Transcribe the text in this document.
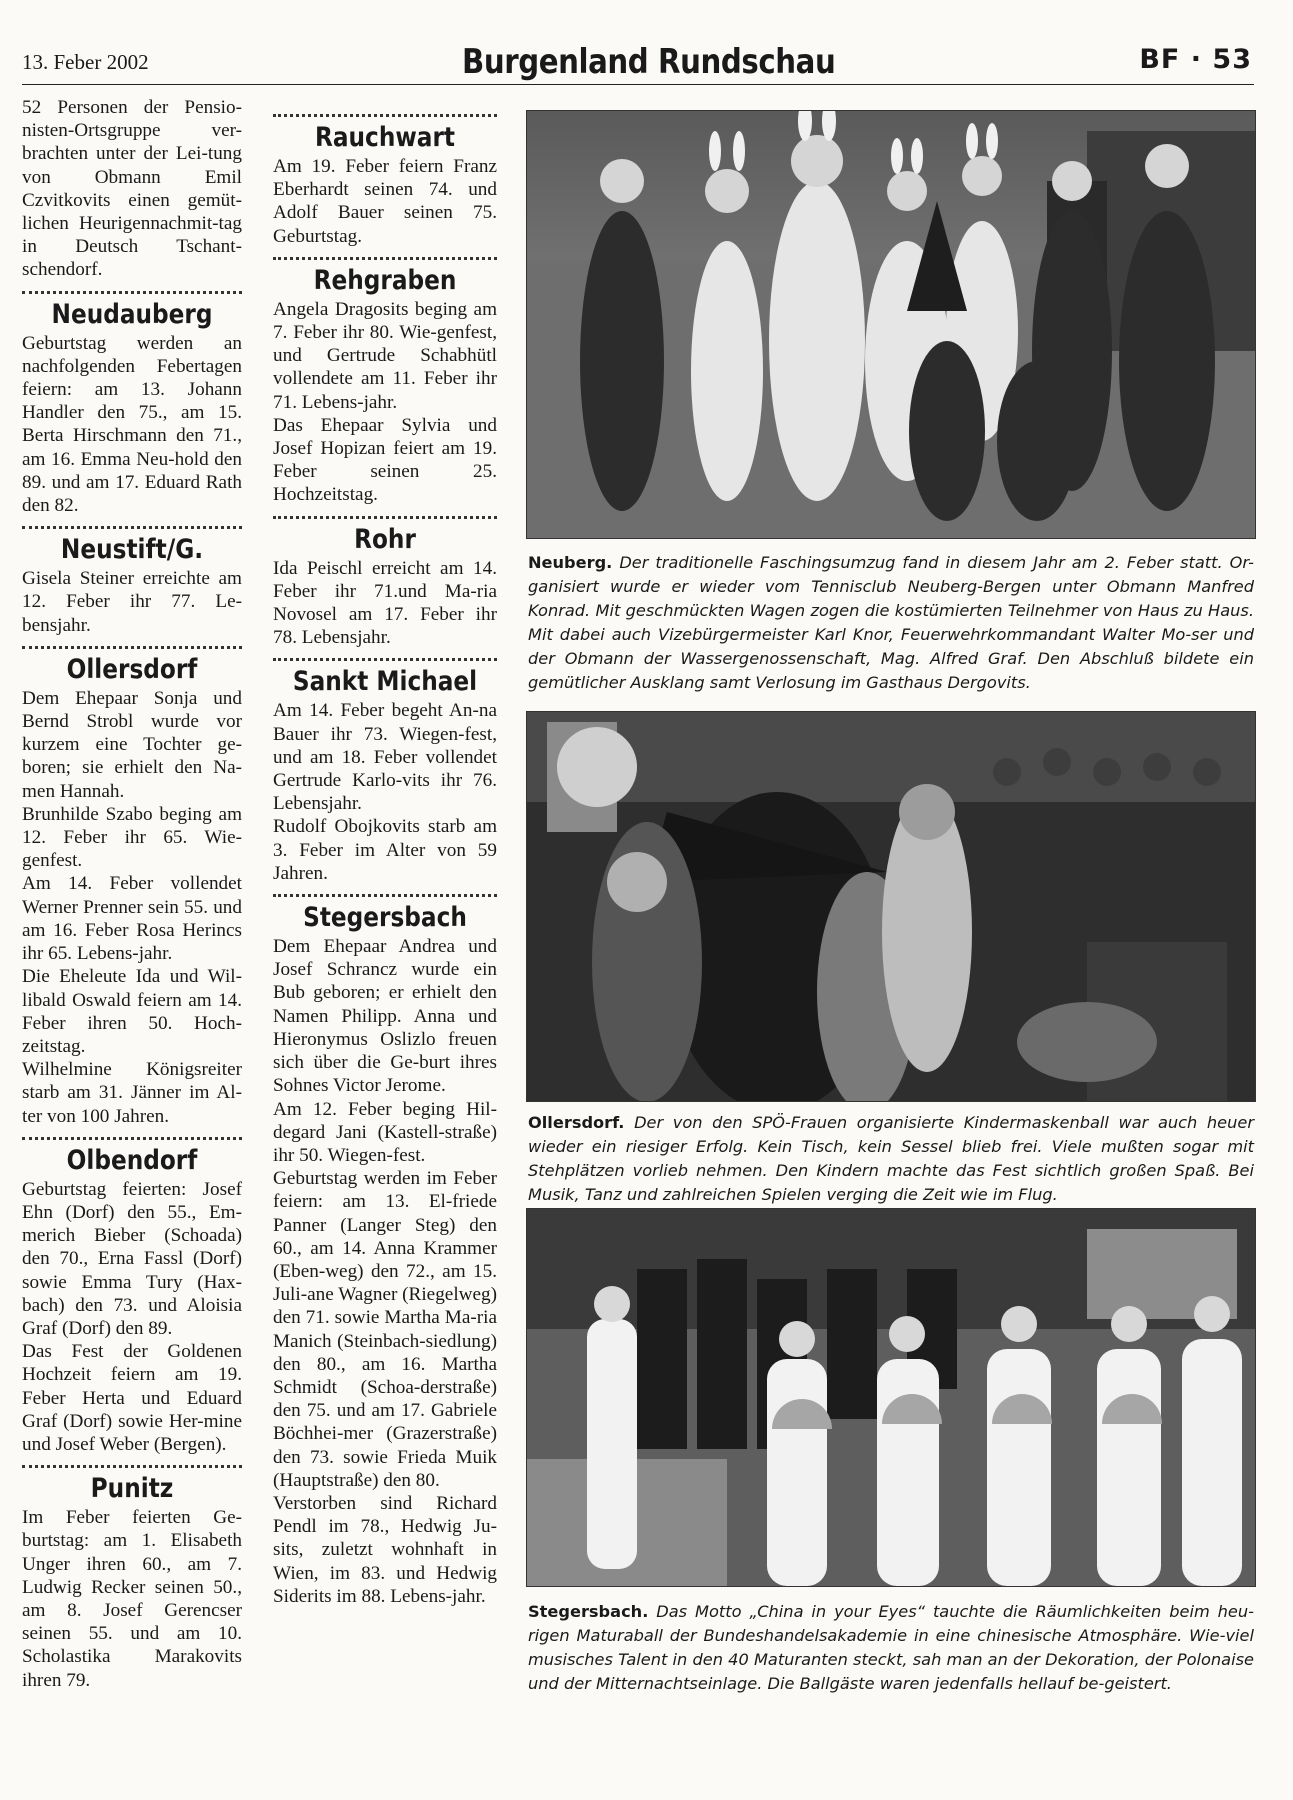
13. Feber 2002	Burgenland Rundschau	BF · 53

52 Personen der Pensio-nisten-Ortsgruppe ver-brachten unter der Lei-tung von Obmann Emil Czvitkovits einen gemüt-lichen Heurigennachmit-tag in Deutsch Tschant-schendorf.

Neudauberg

Geburtstag werden an nachfolgenden Febertagen feiern: am 13. Johann Handler den 75., am 15. Berta Hirschmann den 71., am 16. Emma Neu-hold den 89. und am 17. Eduard Rath den 82.

Neustift/G.

Gisela Steiner erreichte am 12. Feber ihr 77. Le-bensjahr.

Ollersdorf

Dem Ehepaar Sonja und Bernd Strobl wurde vor kurzem eine Tochter ge-boren; sie erhielt den Na-men Hannah.

Brunhilde Szabo beging am 12. Feber ihr 65. Wie-genfest.

Am 14. Feber vollendet Werner Prenner sein 55. und am 16. Feber Rosa Herincs ihr 65. Lebens-jahr.

Die Eheleute Ida und Wil-libald Oswald feiern am 14. Feber ihren 50. Hoch-zeitstag.

Wilhelmine Königsreiter starb am 31. Jänner im Al-ter von 100 Jahren.

Olbendorf

Geburtstag feierten: Josef Ehn (Dorf) den 55., Em-merich Bieber (Schoada) den 70., Erna Fassl (Dorf) sowie Emma Tury (Hax-bach) den 73. und Aloisia Graf (Dorf) den 89.

Das Fest der Goldenen Hochzeit feiern am 19. Feber Herta und Eduard Graf (Dorf) sowie Her-mine und Josef Weber (Bergen).

Punitz

Im Feber feierten Ge-burtstag: am 1. Elisabeth Unger ihren 60., am 7. Ludwig Recker seinen 50., am 8. Josef Gerencser seinen 55. und am 10. Scholastika Marakovits ihren 79.

Rauchwart

Am 19. Feber feiern Franz Eberhardt seinen 74. und Adolf Bauer seinen 75. Geburtstag.

Rehgraben

Angela Dragosits beging am 7. Feber ihr 80. Wie-genfest, und Gertrude Schabhütl vollendete am 11. Feber ihr 71. Lebens-jahr.

Das Ehepaar Sylvia und Josef Hopizan feiert am 19. Feber seinen 25. Hochzeitstag.

Rohr

Ida Peischl erreicht am 14. Feber ihr 71.und Ma-ria Novosel am 17. Feber ihr 78. Lebensjahr.

Sankt Michael

Am 14. Feber begeht An-na Bauer ihr 73. Wiegen-fest, und am 18. Feber vollendet Gertrude Karlo-vits ihr 76. Lebensjahr.

Rudolf Obojkovits starb am 3. Feber im Alter von 59 Jahren.

Stegersbach

Dem Ehepaar Andrea und Josef Schrancz wurde ein Bub geboren; er erhielt den Namen Philipp. Anna und Hieronymus Oslizlo freuen sich über die Ge-burt ihres Sohnes Victor Jerome.

Am 12. Feber beging Hil-degard Jani (Kastell-straße) ihr 50. Wiegen-fest.

Geburtstag werden im Feber feiern: am 13. El-friede Panner (Langer Steg) den 60., am 14. Anna Krammer (Eben-weg) den 72., am 15. Juli-ane Wagner (Riegelweg) den 71. sowie Martha Ma-ria Manich (Steinbach-siedlung) den 80., am 16. Martha Schmidt (Schoa-derstraße) den 75. und am 17. Gabriele Böchhei-mer (Grazerstraße) den 73. sowie Frieda Muik (Hauptstraße) den 80.

Verstorben sind Richard Pendl im 78., Hedwig Ju-sits, zuletzt wohnhaft in Wien, im 83. und Hedwig Siderits im 88. Lebens-jahr.

Neuberg. Der traditionelle Faschingsumzug fand in diesem Jahr am 2. Feber statt. Or-ganisiert wurde er wieder vom Tennisclub Neuberg-Bergen unter Obmann Manfred Konrad. Mit geschmückten Wagen zogen die kostümierten Teilnehmer von Haus zu Haus. Mit dabei auch Vizebürgermeister Karl Knor, Feuerwehrkommandant Walter Mo-ser und der Obmann der Wassergenossenschaft, Mag. Alfred Graf. Den Abschluß bildete ein gemütlicher Ausklang samt Verlosung im Gasthaus Dergovits.
Ollersdorf. Der von den SPÖ-Frauen organisierte Kindermaskenball war auch heuer wieder ein riesiger Erfolg. Kein Tisch, kein Sessel blieb frei. Viele mußten sogar mit Stehplätzen vorlieb nehmen. Den Kindern machte das Fest sichtlich großen Spaß. Bei Musik, Tanz und zahlreichen Spielen verging die Zeit wie im Flug.
Stegersbach. Das Motto „China in your Eyes“ tauchte die Räumlichkeiten beim heu-rigen Maturaball der Bundeshandelsakademie in eine chinesische Atmosphäre. Wie-viel musisches Talent in den 40 Maturanten steckt, sah man an der Dekoration, der Polonaise und der Mitternachtseinlage. Die Ballgäste waren jedenfalls hellauf be-geistert.
